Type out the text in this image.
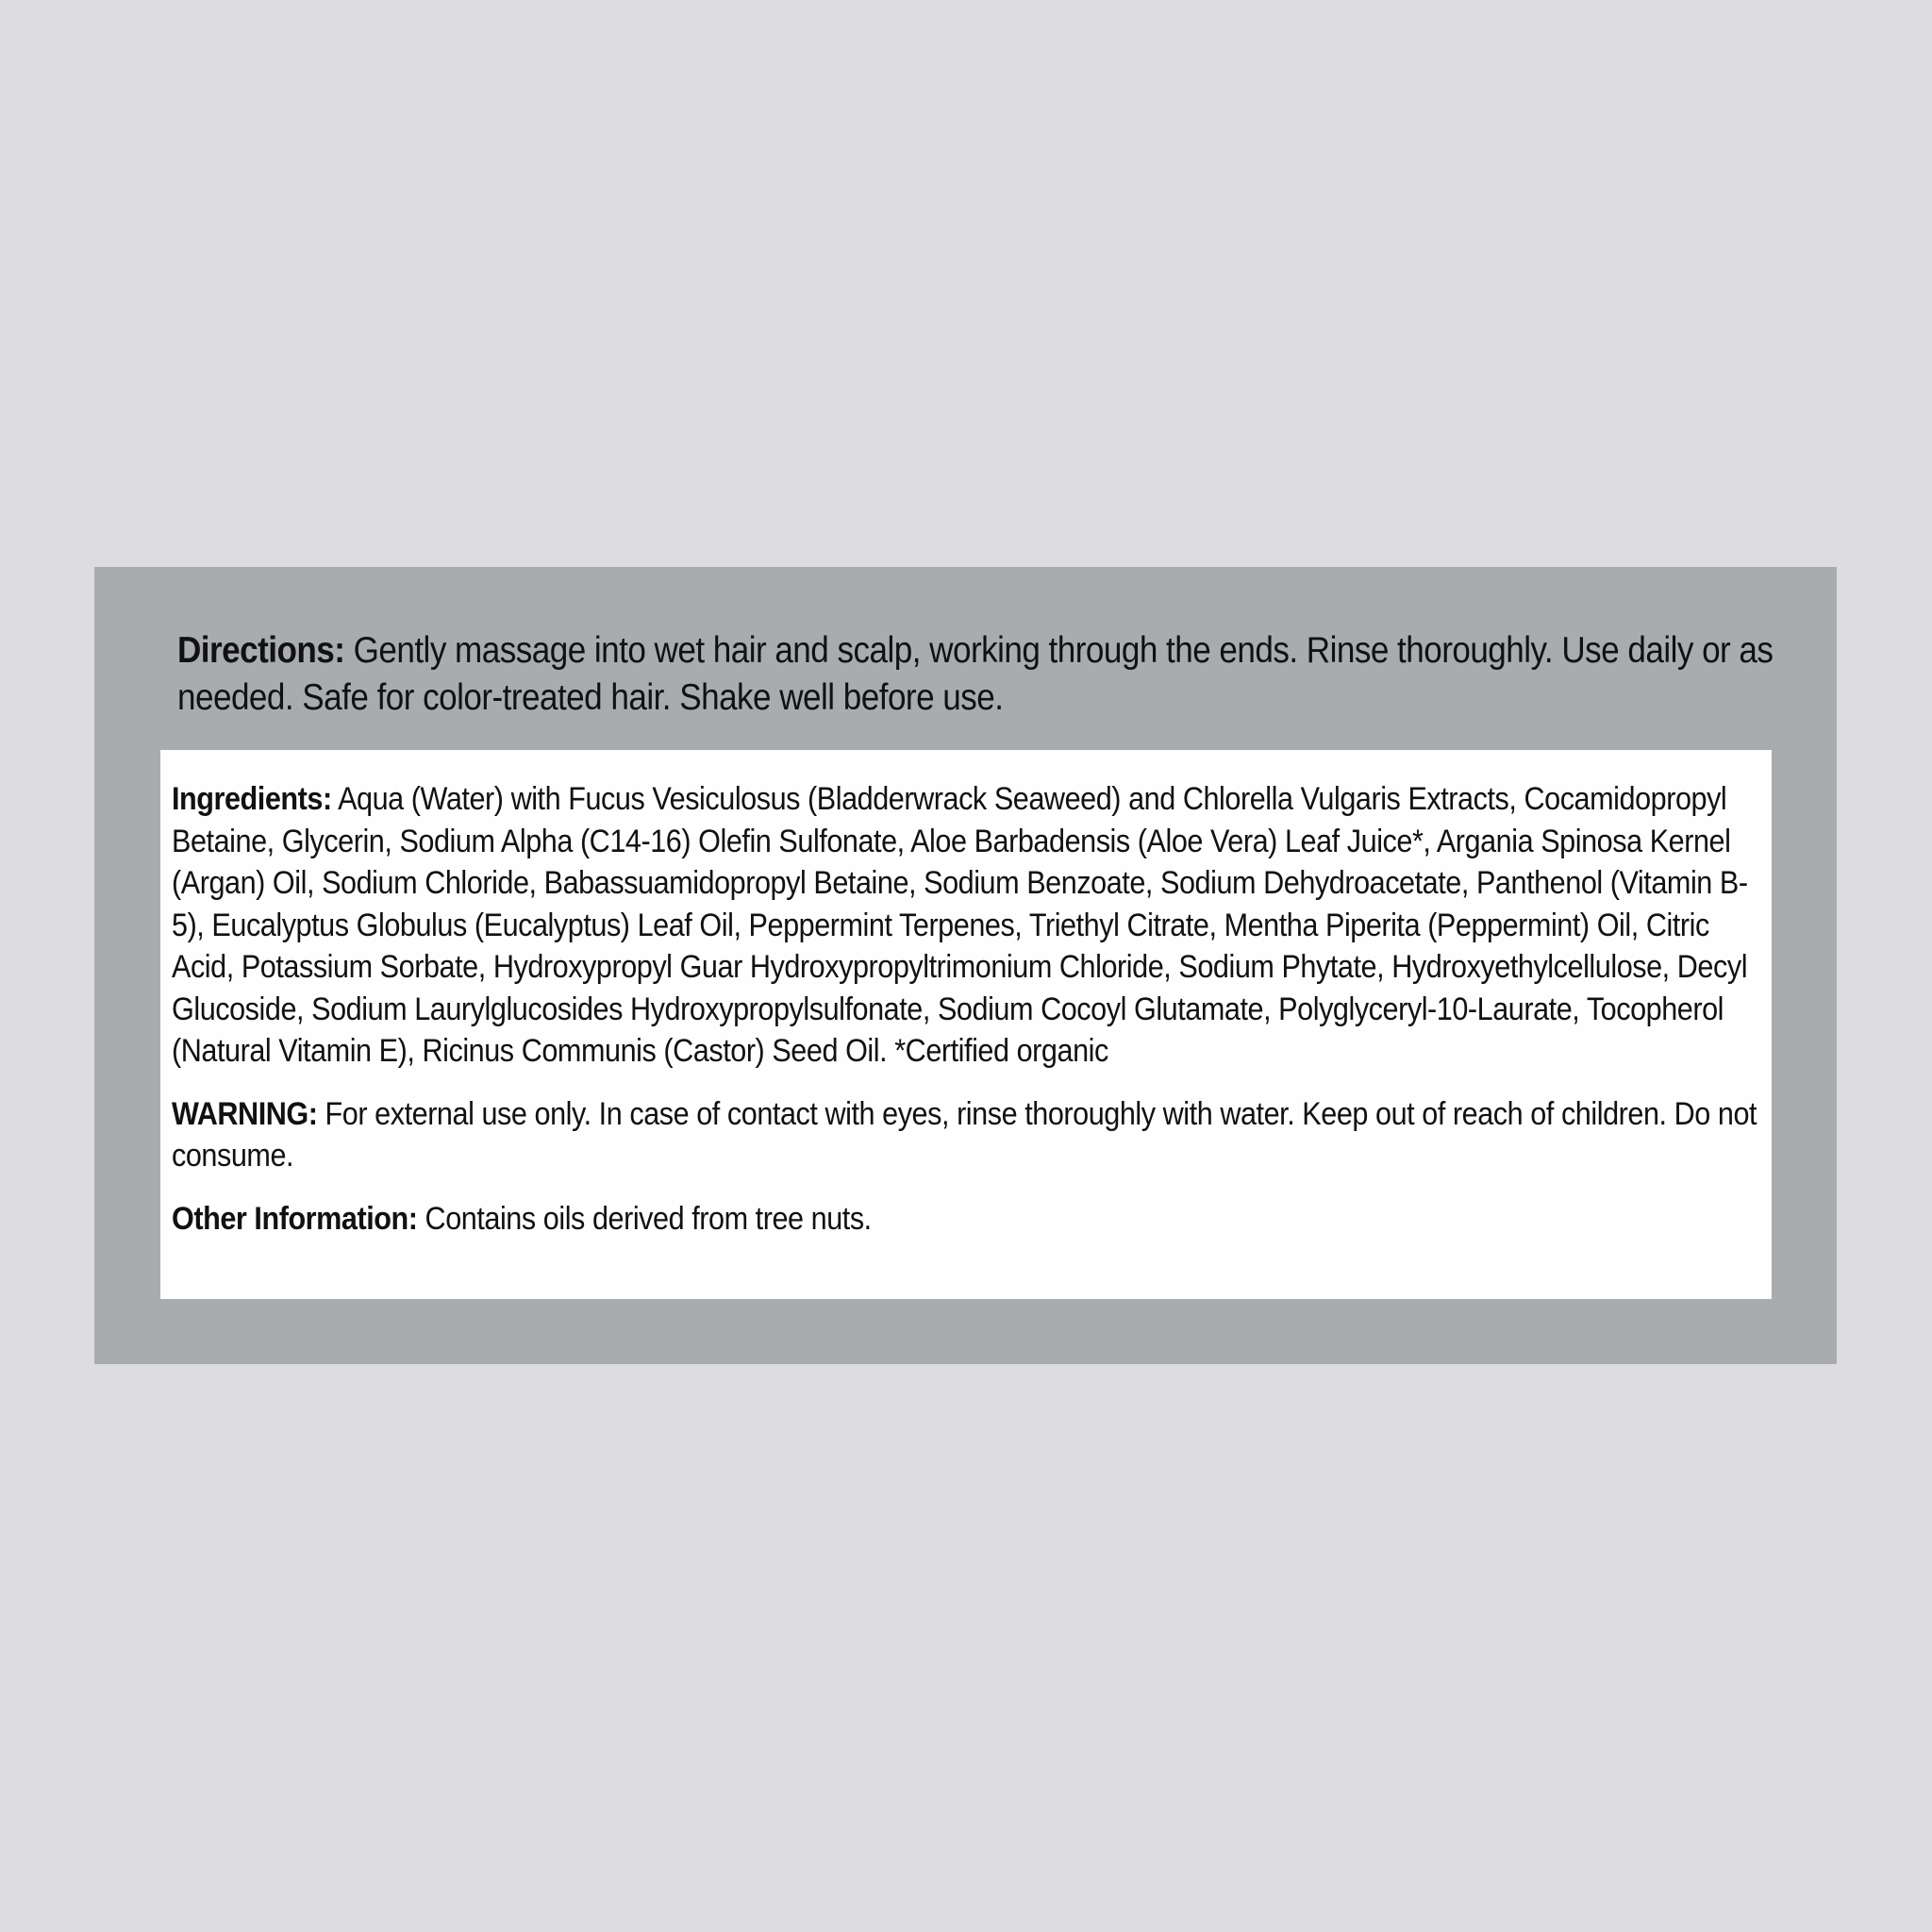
Directions: Gently massage into wet hair and scalp, working through the ends. Rinse thoroughly. Use daily or as needed. Safe for color-treated hair. Shake well before use.

Ingredients: Aqua (Water) with Fucus Vesiculosus (Bladderwrack Seaweed) and Chlorella Vulgaris Extracts, Cocamidopropyl Betaine, Glycerin, Sodium Alpha (C14-16) Olefin Sulfonate, Aloe Barbadensis (Aloe Vera) Leaf Juice*, Argania Spinosa Kernel (Argan) Oil, Sodium Chloride, Babassuamidopropyl Betaine, Sodium Benzoate, Sodium Dehydroacetate, Panthenol (Vitamin B-5), Eucalyptus Globulus (Eucalyptus) Leaf Oil, Peppermint Terpenes, Triethyl Citrate, Mentha Piperita (Peppermint) Oil, Citric Acid, Potassium Sorbate, Hydroxypropyl Guar Hydroxypropyltrimonium Chloride, Sodium Phytate, Hydroxyethylcellulose, Decyl Glucoside, Sodium Laurylglucosides Hydroxypropylsulfonate, Sodium Cocoyl Glutamate, Polyglyceryl-10-Laurate, Tocopherol (Natural Vitamin E), Ricinus Communis (Castor) Seed Oil. *Certified organic

WARNING: For external use only. In case of contact with eyes, rinse thoroughly with water. Keep out of reach of children. Do not consume.

Other Information: Contains oils derived from tree nuts.
